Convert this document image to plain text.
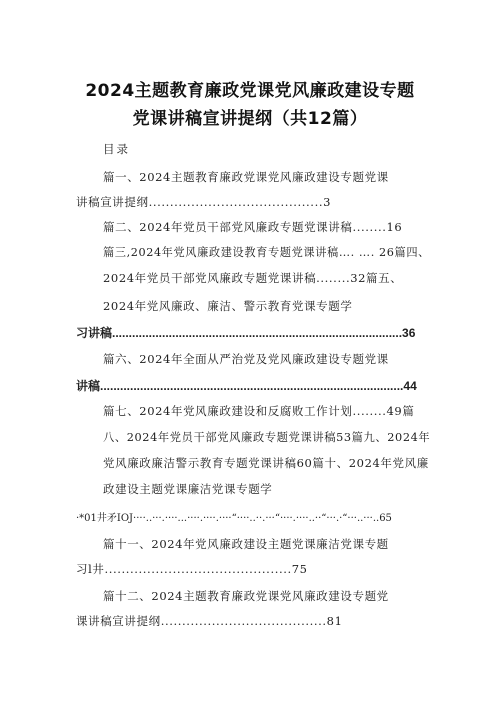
2024主题教育廉政党课党风廉政建设专题
党课讲稿宣讲提纲（共12篇）
目录
篇一、2024主题教育廉政党课党风廉政建设专题党课
讲稿宣讲提纲.........................................3
篇二、2024年党员干部党风廉政专题党课讲稿........16
篇三,2024年党风廉政建设教育专题党课讲稿…. …. 26篇四、
2024年党员干部党风廉政专题党课讲稿........32篇五、
2024年党风廉政、廉洁、警示教育党课专题学
习讲稿.......................................................................................36
篇六、2024年全面从严治党及党风廉政建设专题党课
讲稿...........................................................................................44
篇七、2024年党风廉政建设和反腐败工作计划........49篇
八、2024年党员干部党风廉政专题党课讲稿53篇九、2024年
党风廉政廉洁警示教育专题党课讲稿60篇十、2024年党风廉
政建设主题党课廉洁党课专题学
·*01井矛IOJ····..···.····...····.····.····“····..··.···“····.····..··“···.·“···..···..65
篇十一、2024年党风廉政建设主题党课廉洁党课专题
习l井............................................75
篇十二、2024主题教育廉政党课党风廉政建设专题党
课讲稿宣讲提纲.......................................81
